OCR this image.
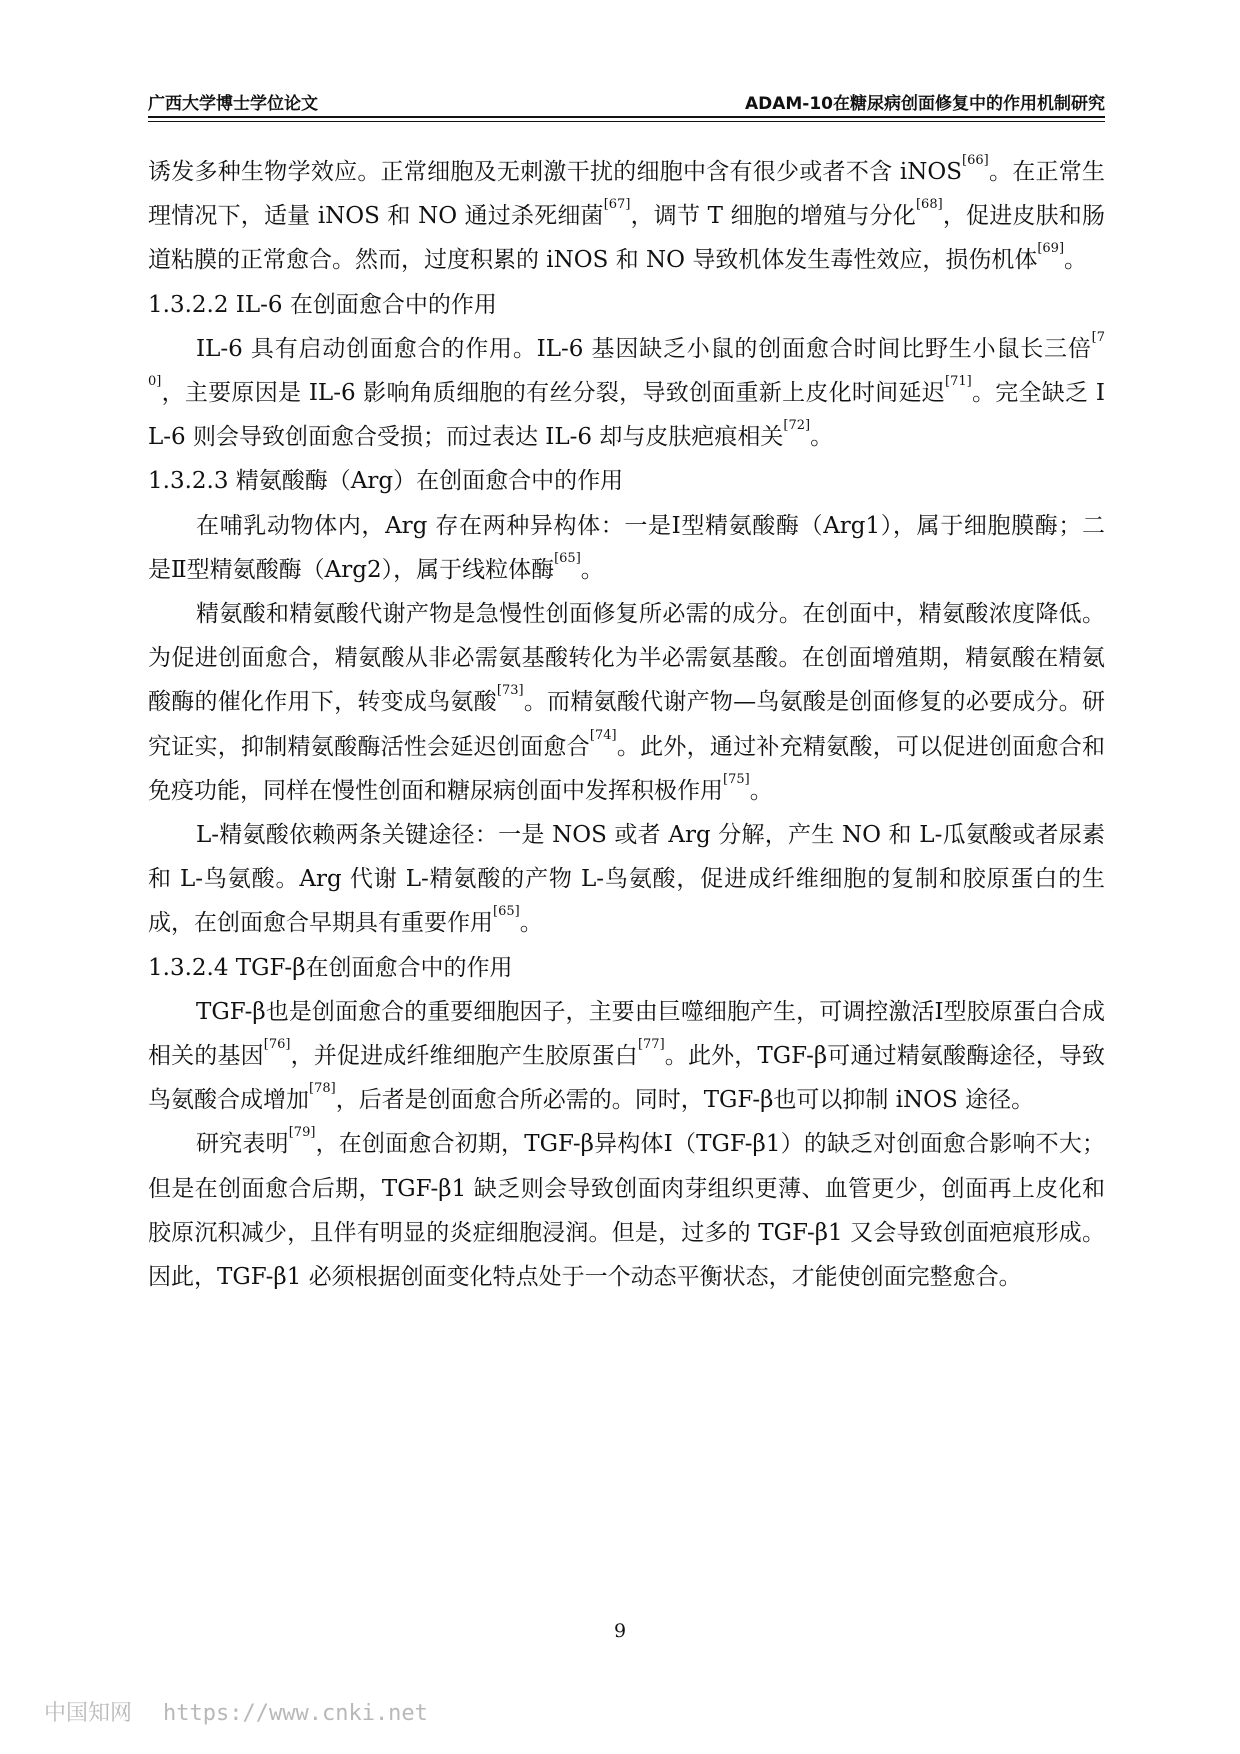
广西大学博士学位论文	ADAM-10在糖尿病创面修复中的作用机制研究

诱发多种生物学效应。正常细胞及无刺激干扰的细胞中含有很少或者不含 iNOS[66]。在正常生理情况下，适量 iNOS 和 NO 通过杀死细菌[67]，调节 T 细胞的增殖与分化[68]，促进皮肤和肠道粘膜的正常愈合。然而，过度积累的 iNOS 和 NO 导致机体发生毒性效应，损伤机体[69]。

1.3.2.2 IL-6 在创面愈合中的作用

IL-6 具有启动创面愈合的作用。IL-6 基因缺乏小鼠的创面愈合时间比野生小鼠长三倍[70]，主要原因是 IL-6 影响角质细胞的有丝分裂，导致创面重新上皮化时间延迟[71]。完全缺乏 IL-6 则会导致创面愈合受损；而过表达 IL-6 却与皮肤疤痕相关[72]。

1.3.2.3 精氨酸酶（Arg）在创面愈合中的作用

在哺乳动物体内，Arg 存在两种异构体：一是Ⅰ型精氨酸酶（Arg1），属于细胞膜酶；二是Ⅱ型精氨酸酶（Arg2），属于线粒体酶[65]。

精氨酸和精氨酸代谢产物是急慢性创面修复所必需的成分。在创面中，精氨酸浓度降低。为促进创面愈合，精氨酸从非必需氨基酸转化为半必需氨基酸。在创面增殖期，精氨酸在精氨酸酶的催化作用下，转变成鸟氨酸[73]。而精氨酸代谢产物—鸟氨酸是创面修复的必要成分。研究证实，抑制精氨酸酶活性会延迟创面愈合[74]。此外，通过补充精氨酸，可以促进创面愈合和免疫功能，同样在慢性创面和糖尿病创面中发挥积极作用[75]。

L-精氨酸依赖两条关键途径：一是 NOS 或者 Arg 分解，产生 NO 和 L-瓜氨酸或者尿素和 L-鸟氨酸。Arg 代谢 L-精氨酸的产物 L-鸟氨酸，促进成纤维细胞的复制和胶原蛋白的生成，在创面愈合早期具有重要作用[65]。

1.3.2.4 TGF-β在创面愈合中的作用

TGF-β也是创面愈合的重要细胞因子，主要由巨噬细胞产生，可调控激活Ⅰ型胶原蛋白合成相关的基因[76]，并促进成纤维细胞产生胶原蛋白[77]。此外，TGF-β可通过精氨酸酶途径，导致鸟氨酸合成增加[78]，后者是创面愈合所必需的。同时，TGF-β也可以抑制 iNOS 途径。

研究表明[79]，在创面愈合初期，TGF-β异构体Ⅰ（TGF-β1）的缺乏对创面愈合影响不大；但是在创面愈合后期，TGF-β1 缺乏则会导致创面肉芽组织更薄、血管更少，创面再上皮化和胶原沉积减少，且伴有明显的炎症细胞浸润。但是，过多的 TGF-β1 又会导致创面疤痕形成。因此，TGF-β1 必须根据创面变化特点处于一个动态平衡状态，才能使创面完整愈合。

9
中国知网 https://www.cnki.net
